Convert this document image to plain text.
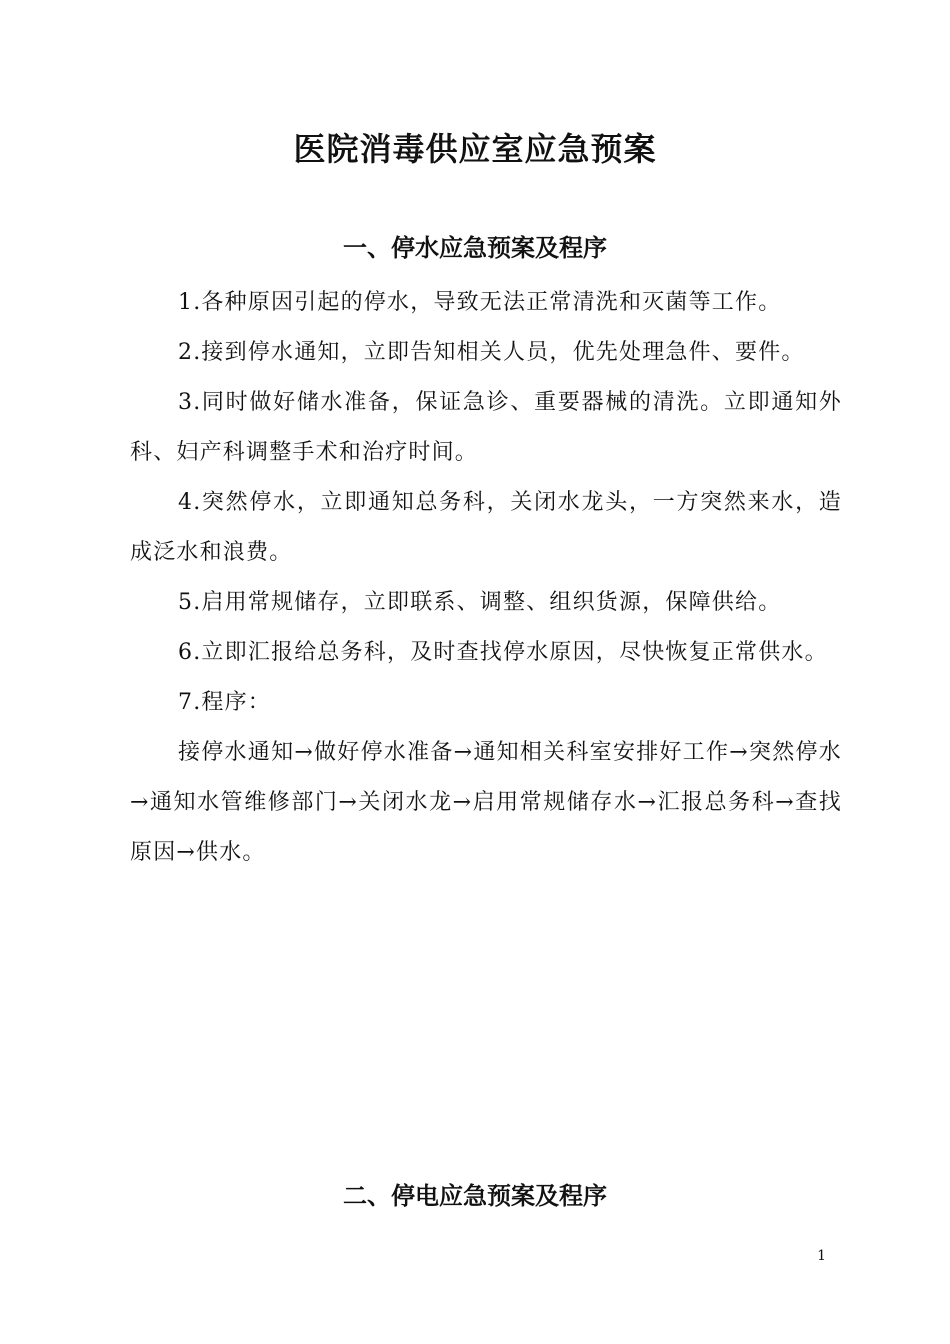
医院消毒供应室应急预案
一、停水应急预案及程序

1.各种原因引起的停水，导致无法正常清洗和灭菌等工作。

2.接到停水通知，立即告知相关人员，优先处理急件、要件。

3.同时做好储水准备，保证急诊、重要器械的清洗。立即通知外科、妇产科调整手术和治疗时间。

4.突然停水，立即通知总务科，关闭水龙头，一方突然来水，造成泛水和浪费。

5.启用常规储存，立即联系、调整、组织货源，保障供给。

6.立即汇报给总务科，及时查找停水原因，尽快恢复正常供水。

7.程序：

接停水通知→做好停水准备→通知相关科室安排好工作→突然停水→通知水管维修部门→关闭水龙→启用常规储存水→汇报总务科→查找原因→供水。

二、停电应急预案及程序
1
